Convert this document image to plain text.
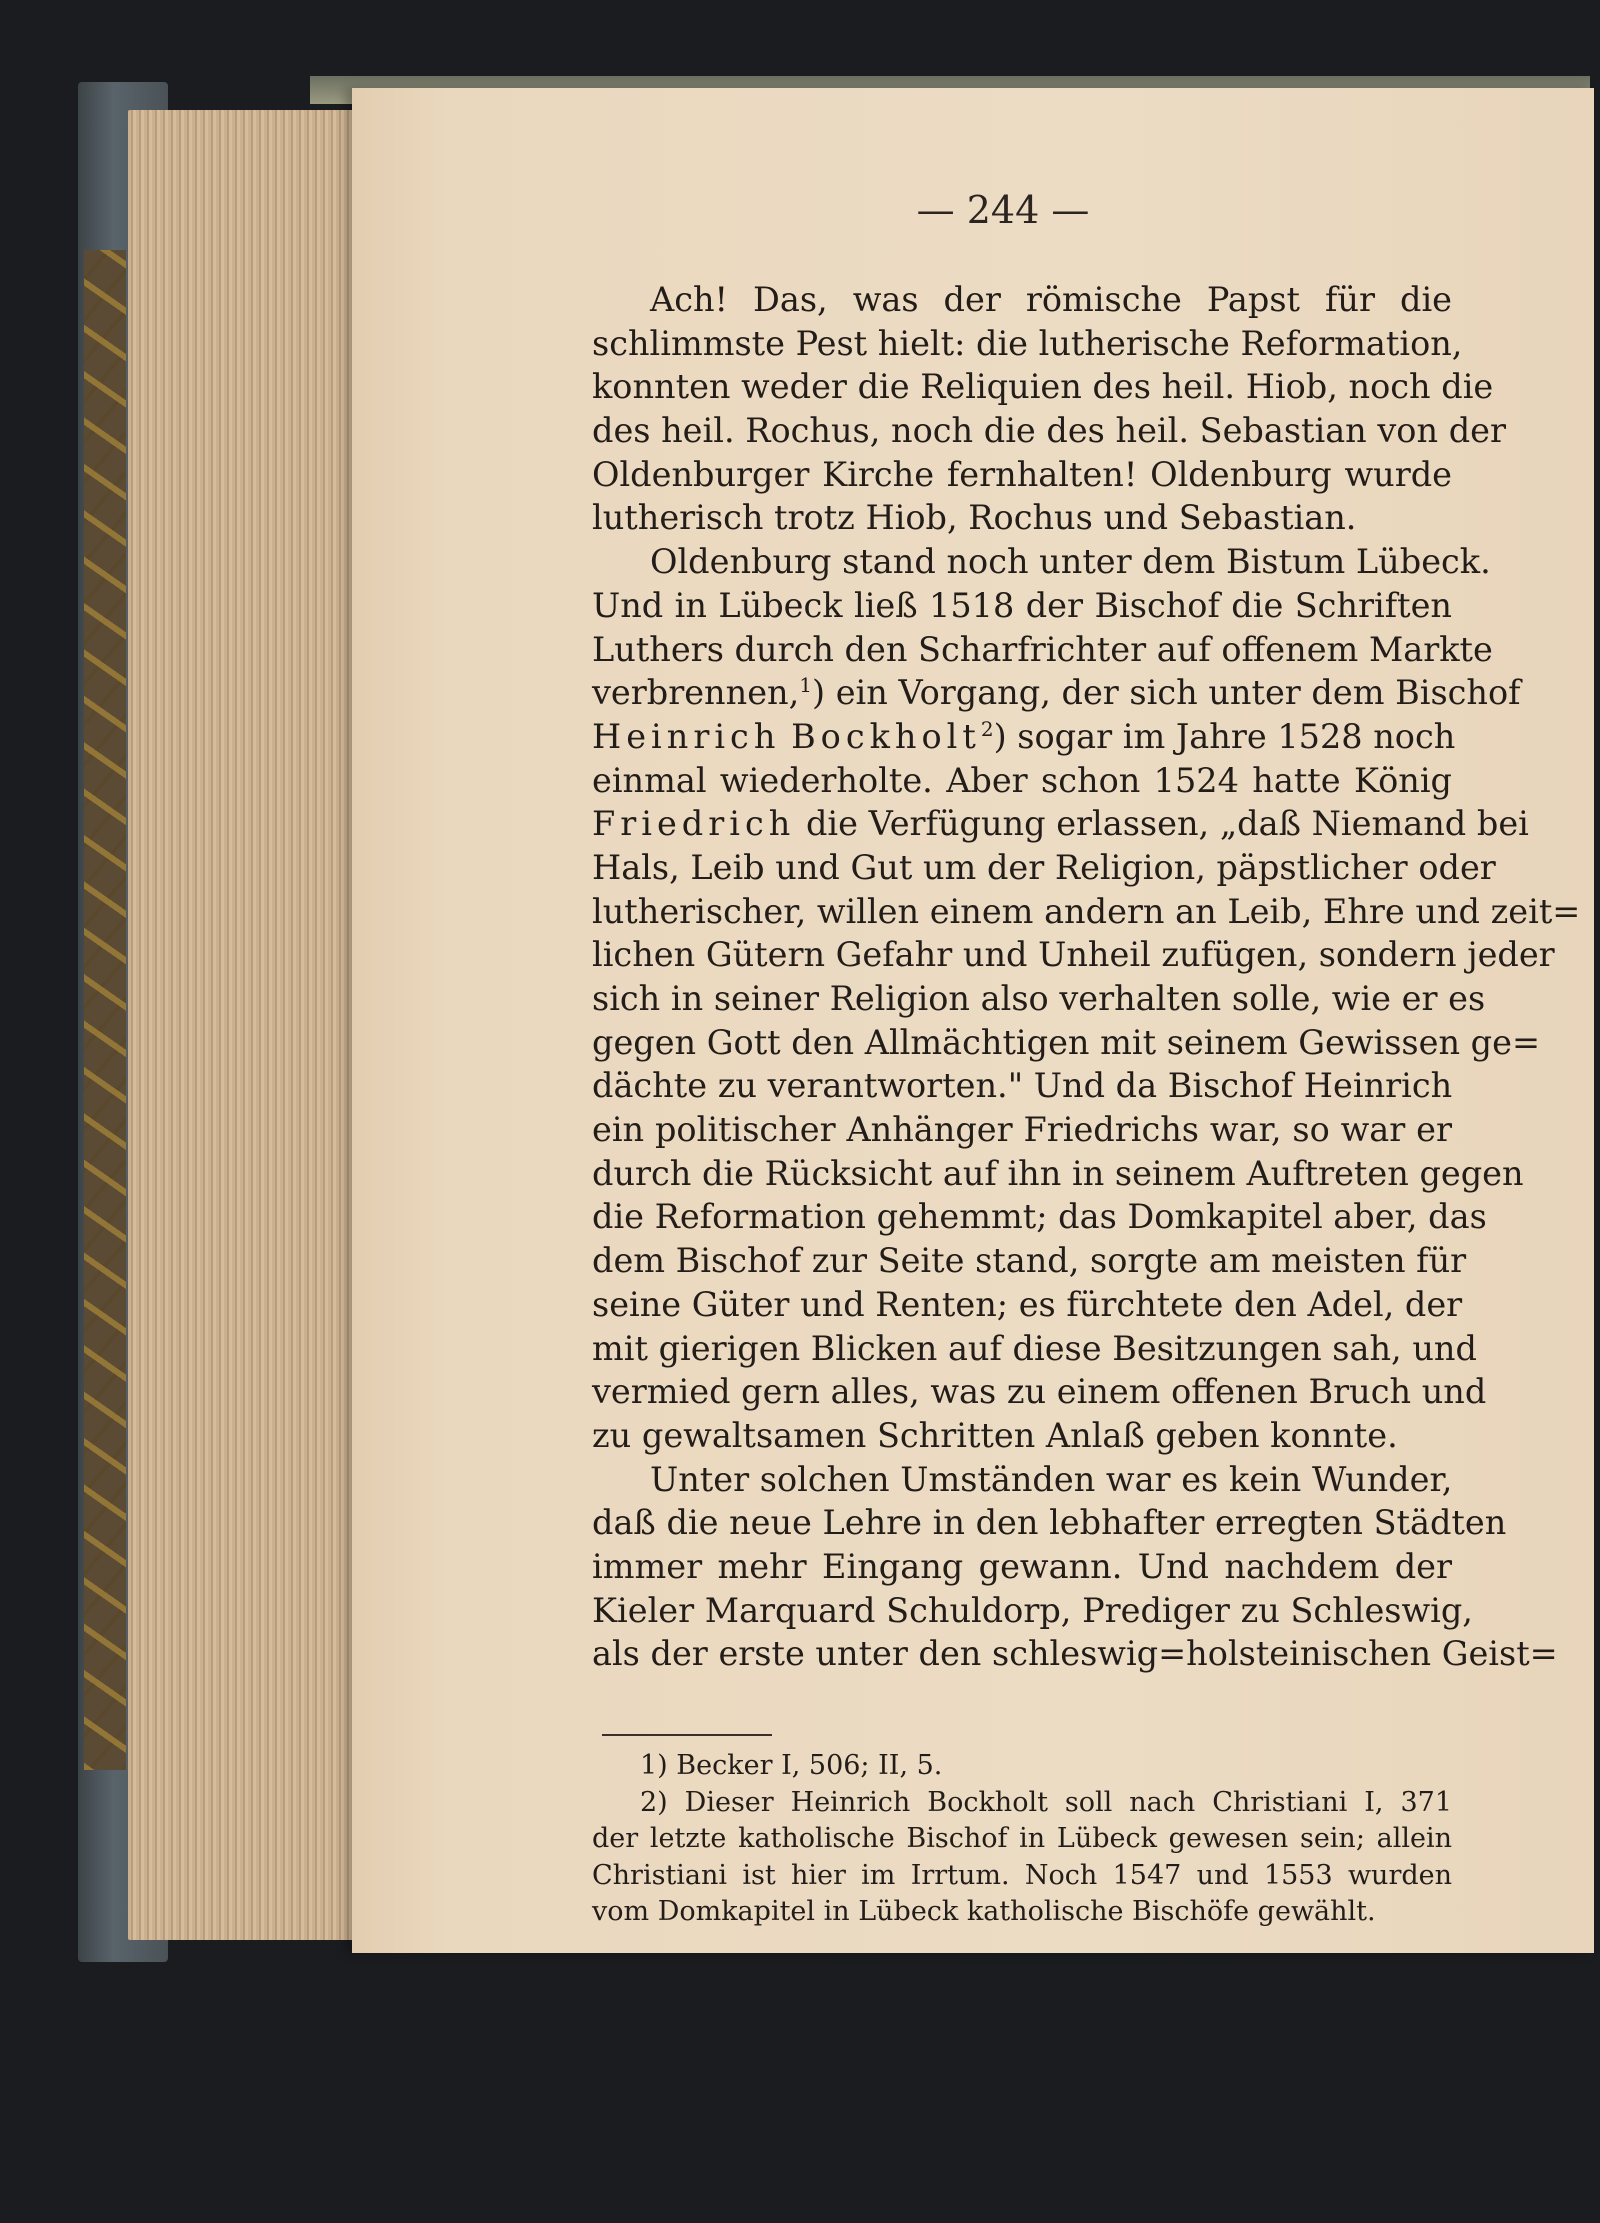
— 244 —
Ach! Das, was der römische Papst für die
schlimmste Pest hielt: die lutherische Reformation,
konnten weder die Reliquien des heil. Hiob, noch die
des heil. Rochus, noch die des heil. Sebastian von der
Oldenburger Kirche fernhalten! Oldenburg wurde
lutherisch trotz Hiob, Rochus und Sebastian.
Oldenburg stand noch unter dem Bistum Lübeck.
Und in Lübeck ließ 1518 der Bischof die Schriften
Luthers durch den Scharfrichter auf offenem Markte
verbrennen,$^1$) ein Vorgang, der sich unter dem Bischof
Heinrich Bockholt$^2$) sogar im Jahre 1528 noch
einmal wiederholte. Aber schon 1524 hatte König
Friedrich die Verfügung erlassen, „daß Niemand bei
Hals, Leib und Gut um der Religion, päpstlicher oder
lutherischer, willen einem andern an Leib, Ehre und zeit=
lichen Gütern Gefahr und Unheil zufügen, sondern jeder
sich in seiner Religion also verhalten solle, wie er es
gegen Gott den Allmächtigen mit seinem Gewissen ge=
dächte zu verantworten." Und da Bischof Heinrich
ein politischer Anhänger Friedrichs war, so war er
durch die Rücksicht auf ihn in seinem Auftreten gegen
die Reformation gehemmt; das Domkapitel aber, das
dem Bischof zur Seite stand, sorgte am meisten für
seine Güter und Renten; es fürchtete den Adel, der
mit gierigen Blicken auf diese Besitzungen sah, und
vermied gern alles, was zu einem offenen Bruch und
zu gewaltsamen Schritten Anlaß geben konnte.
Unter solchen Umständen war es kein Wunder,
daß die neue Lehre in den lebhafter erregten Städten
immer mehr Eingang gewann. Und nachdem der
Kieler Marquard Schuldorp, Prediger zu Schleswig,
als der erste unter den schleswig=holsteinischen Geist=
1) Becker I, 506; II, 5.
2) Dieser Heinrich Bockholt soll nach Christiani I, 371
der letzte katholische Bischof in Lübeck gewesen sein; allein
Christiani ist hier im Irrtum. Noch 1547 und 1553 wurden
vom Domkapitel in Lübeck katholische Bischöfe gewählt.
